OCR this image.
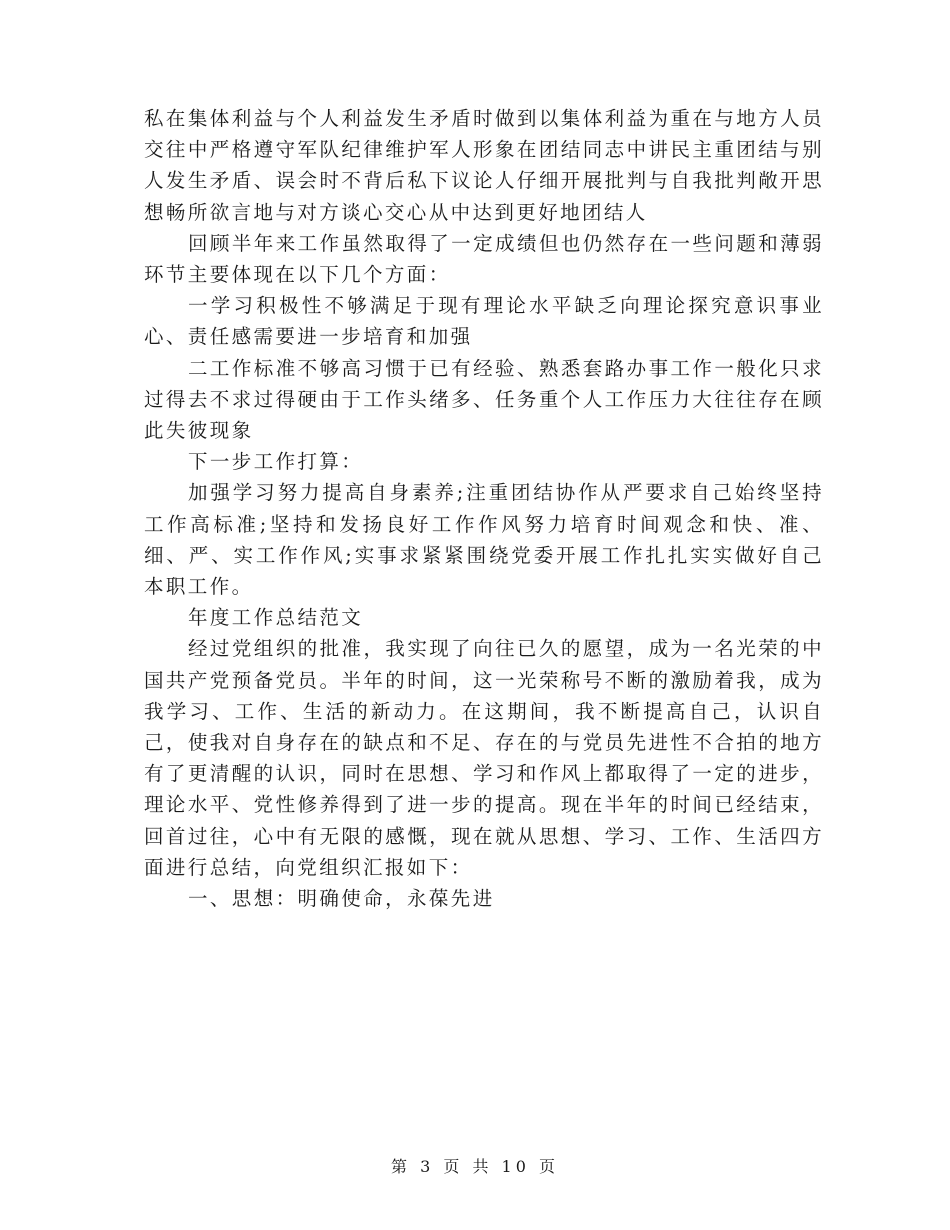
私在集体利益与个人利益发生矛盾时做到以集体利益为重在与地方人员交往中严格遵守军队纪律维护军人形象在团结同志中讲民主重团结与别人发生矛盾、误会时不背后私下议论人仔细开展批判与自我批判敞开思想畅所欲言地与对方谈心交心从中达到更好地团结人

回顾半年来工作虽然取得了一定成绩但也仍然存在一些问题和薄弱环节主要体现在以下几个方面：

一学习积极性不够满足于现有理论水平缺乏向理论探究意识事业心、责任感需要进一步培育和加强

二工作标准不够高习惯于已有经验、熟悉套路办事工作一般化只求过得去不求过得硬由于工作头绪多、任务重个人工作压力大往往存在顾此失彼现象

下一步工作打算：

加强学习努力提高自身素养;注重团结协作从严要求自己始终坚持工作高标准;坚持和发扬良好工作作风努力培育时间观念和快、准、细、严、实工作作风;实事求紧紧围绕党委开展工作扎扎实实做好自己本职工作。

年度工作总结范文

经过党组织的批准，我实现了向往已久的愿望，成为一名光荣的中国共产党预备党员。半年的时间，这一光荣称号不断的激励着我，成为我学习、工作、生活的新动力。在这期间，我不断提高自己，认识自己，使我对自身存在的缺点和不足、存在的与党员先进性不合拍的地方有了更清醒的认识，同时在思想、学习和作风上都取得了一定的进步，理论水平、党性修养得到了进一步的提高。现在半年的时间已经结束，回首过往，心中有无限的感慨，现在就从思想、学习、工作、生活四方面进行总结，向党组织汇报如下：

一、思想：明确使命，永葆先进

第 3 页 共 10 页
